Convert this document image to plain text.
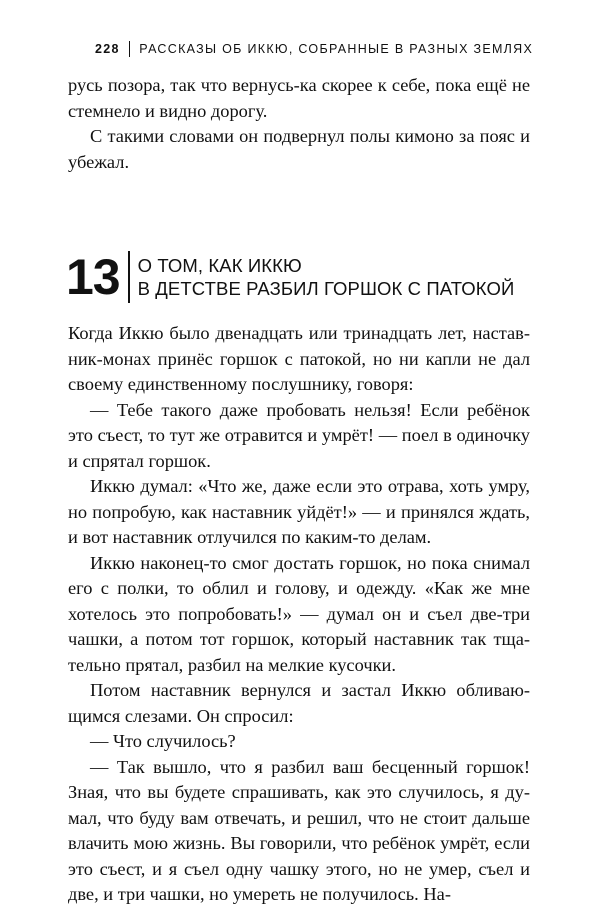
228 РАССКАЗЫ ОБ ИККЮ, СОБРАННЫЕ В РАЗНЫХ ЗЕМЛЯХ

русь позора, так что вернусь-ка скорее к себе, пока ещё не стемнело и видно дорогу.

С такими словами он подвернул полы кимоно за пояс и убежал.

13 О ТОМ, КАК ИККЮ
В ДЕТСТВЕ РАЗБИЛ ГОРШОК С ПАТОКОЙ

Когда Иккю было двенадцать или тринадцать лет, наставник-монах принёс горшок с патокой, но ни капли не дал своему единственному послушнику, говоря:

— Тебе такого даже пробовать нельзя! Если ребёнок это съест, то тут же отравится и умрёт! — поел в одиночку и спрятал горшок.

Иккю думал: «Что же, даже если это отрава, хоть умру, но попробую, как наставник уйдёт!» — и принялся ждать, и вот наставник отлучился по каким-то делам.

Иккю наконец-то смог достать горшок, но пока снимал его с полки, то облил и голову, и одежду. «Как же мне хотелось это попробовать!» — думал он и съел две-три чашки, а потом тот горшок, который наставник так тщательно прятал, разбил на мелкие кусочки.

Потом наставник вернулся и застал Иккю обливающимся слезами. Он спросил:

— Что случилось?

— Так вышло, что я разбил ваш бесценный горшок! Зная, что вы будете спрашивать, как это случилось, я думал, что буду вам отвечать, и решил, что не стоит дальше влачить мою жизнь. Вы говорили, что ребёнок умрёт, если это съест, и я съел одну чашку этого, но не умер, съел и две, и три чашки, но умереть не получилось. На-
